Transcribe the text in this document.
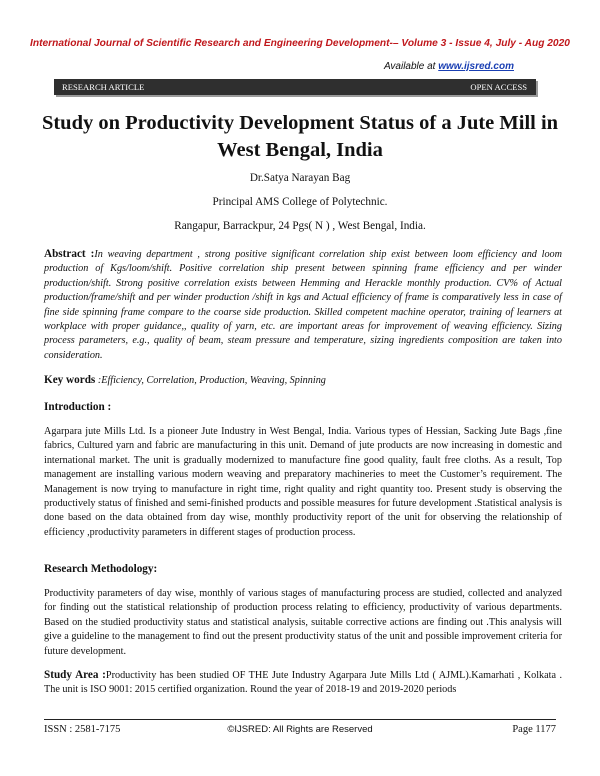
International Journal of Scientific Research and Engineering Development-– Volume 3 - Issue 4, July - Aug 2020
Available at www.ijsred.com
RESEARCH ARTICLE	OPEN ACCESS
Study on Productivity Development Status of a Jute Mill in West Bengal, India
Dr.Satya Narayan Bag
Principal AMS College of Polytechnic.
Rangapur, Barrackpur, 24 Pgs( N ) , West Bengal, India.

Abstract :In weaving department , strong positive significant correlation ship exist between loom efficiency and loom production of Kgs/loom/shift. Positive correlation ship present between spinning frame efficiency and per winder production/shift. Strong positive correlation exists between Hemming and Herackle monthly production. CV% of Actual production/frame/shift and per winder production /shift in kgs and Actual efficiency of frame is comparatively less in case of fine side spinning frame compare to the coarse side production. Skilled competent machine operator, training of learners at workplace with proper guidance,, quality of yarn, etc. are important areas for improvement of weaving efficiency. Sizing process parameters, e.g., quality of beam, steam pressure and temperature, sizing ingredients composition are taken into consideration.

Key words :Efficiency, Correlation, Production, Weaving, Spinning

Introduction :

Agarpara jute Mills Ltd. Is a pioneer Jute Industry in West Bengal, India. Various types of Hessian, Sacking Jute Bags ,fine fabrics, Cultured yarn and fabric are manufacturing in this unit. Demand of jute products are now increasing in domestic and international market. The unit is gradually modernized to manufacture fine good quality, fault free cloths. As a result, Top management are installing various modern weaving and preparatory machineries to meet the Customer’s requirement. The Management is now trying to manufacture in right time, right quality and right quantity too. Present study is observing the productively status of finished and semi-finished products and possible measures for future development .Statistical analysis is done based on the data obtained from day wise, monthly productivity report of the unit for observing the relationship of efficiency ,productivity parameters in different stages of production process.

Research Methodology:

Productivity parameters of day wise, monthly of various stages of manufacturing process are studied, collected and analyzed for finding out the statistical relationship of production process relating to efficiency, productivity of various departments. Based on the studied productivity status and statistical analysis, suitable corrective actions are finding out .This analysis will give a guideline to the management to find out the present productivity status of the unit and possible improvement criteria for future development.

Study Area :Productivity has been studied OF THE Jute Industry Agarpara Jute Mills Ltd ( AJML).Kamarhati , Kolkata . The unit is ISO 9001: 2015 certified organization. Round the year of 2018-19 and 2019-2020 periods

ISSN : 2581-7175	©IJSRED: All Rights are Reserved	Page 1177
